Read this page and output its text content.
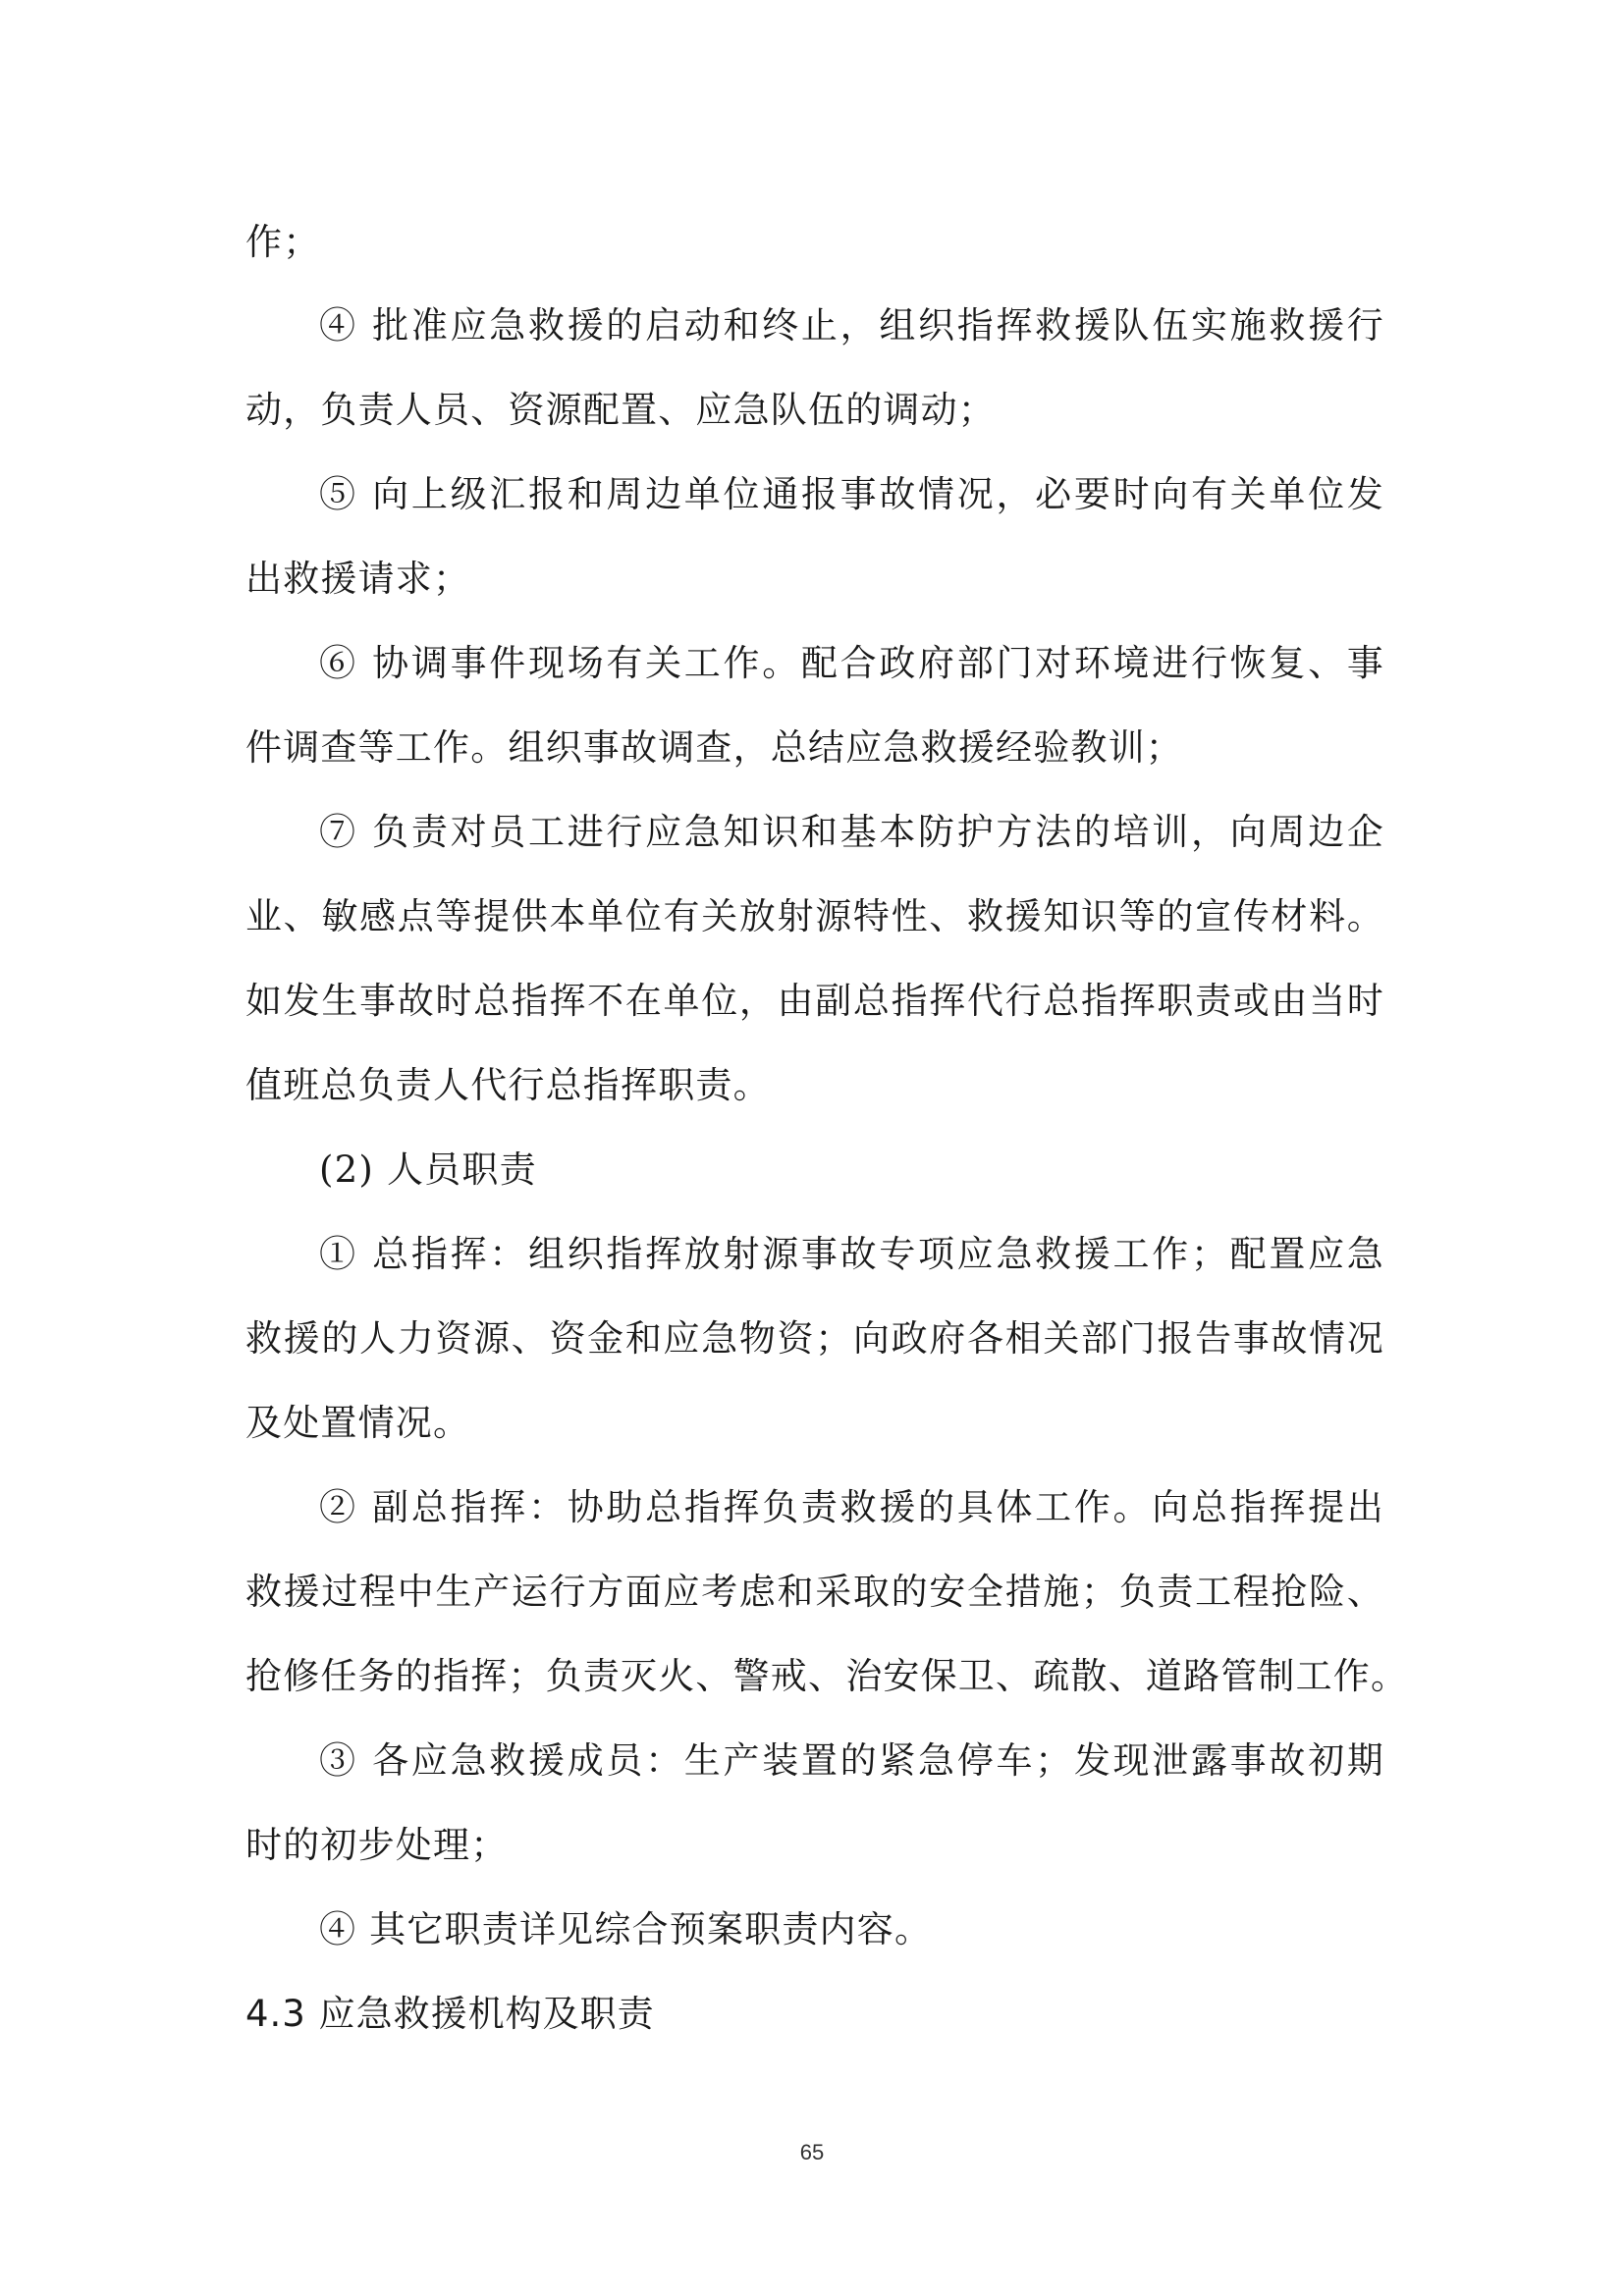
作；
④ 批准应急救援的启动和终止，组织指挥救援队伍实施救援行
动，负责人员、资源配置、应急队伍的调动；
⑤ 向上级汇报和周边单位通报事故情况，必要时向有关单位发
出救援请求；
⑥ 协调事件现场有关工作。配合政府部门对环境进行恢复、事
件调查等工作。组织事故调查，总结应急救援经验教训；
⑦ 负责对员工进行应急知识和基本防护方法的培训，向周边企
业、敏感点等提供本单位有关放射源特性、救援知识等的宣传材料。
如发生事故时总指挥不在单位，由副总指挥代行总指挥职责或由当时
值班总负责人代行总指挥职责。
(2) 人员职责
① 总指挥：组织指挥放射源事故专项应急救援工作；配置应急
救援的人力资源、资金和应急物资；向政府各相关部门报告事故情况
及处置情况。
② 副总指挥：协助总指挥负责救援的具体工作。向总指挥提出
救援过程中生产运行方面应考虑和采取的安全措施；负责工程抢险、
抢修任务的指挥；负责灭火、警戒、治安保卫、疏散、道路管制工作。
③ 各应急救援成员：生产装置的紧急停车；发现泄露事故初期
时的初步处理；
④ 其它职责详见综合预案职责内容。
4.3 应急救援机构及职责
65
